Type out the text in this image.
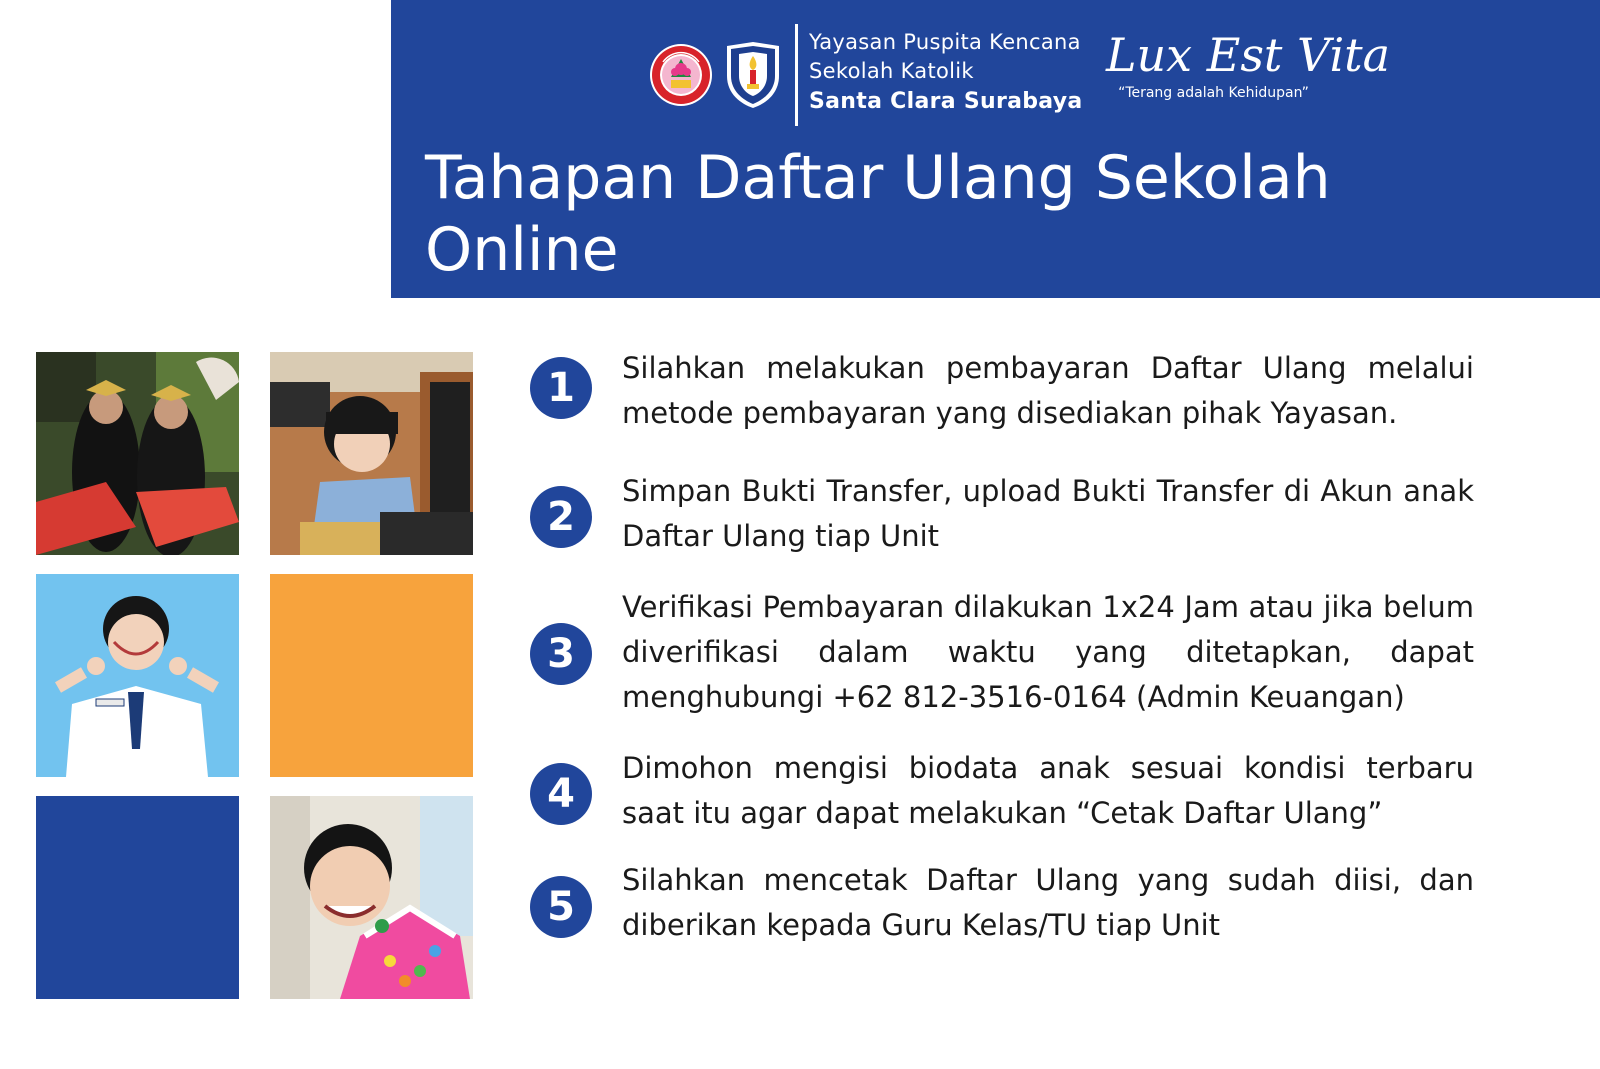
Yayasan Puspita Kencana
Sekolah Katolik
Santa Clara Surabaya
Lux Est Vita
“Terang adalah Kehidupan”
Tahapan Daftar Ulang Sekolah Online
1	Silahkan melakukan pembayaran Daftar Ulang melalui metode pembayaran yang disediakan pihak Yayasan.

2

Simpan Bukti Transfer, upload Bukti Transfer di Akun anak Daftar Ulang tiap Unit

3

Verifikasi Pembayaran dilakukan 1x24 Jam atau jika belum diverifikasi dalam waktu yang ditetapkan, dapat menghubungi +62 812-3516-0164 (Admin Keuangan)

4

Dimohon mengisi biodata anak sesuai kondisi terbaru saat itu agar dapat melakukan “Cetak Daftar Ulang”

5

Silahkan mencetak Daftar Ulang yang sudah diisi, dan diberikan kepada Guru Kelas/TU tiap Unit
